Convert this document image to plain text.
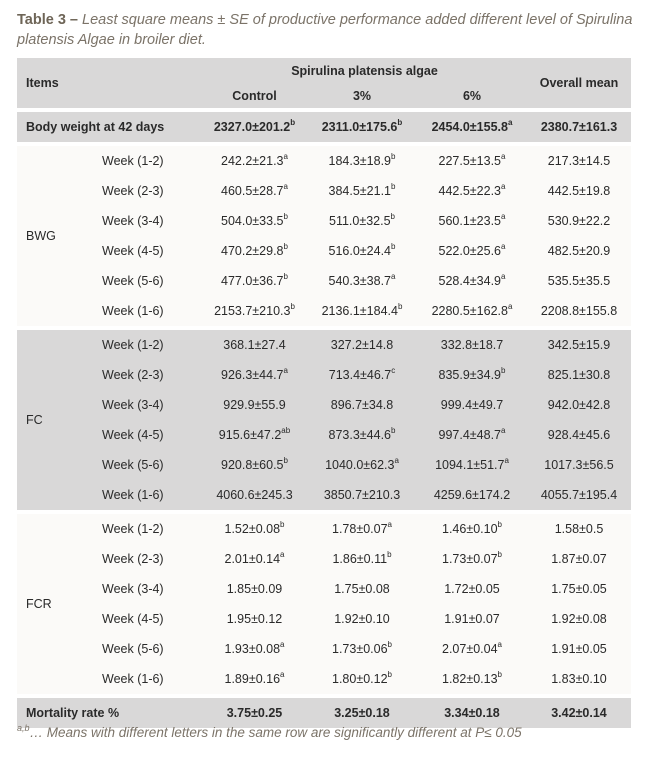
Table 3 – Least square means ± SE of productive performance added different level of Spirulina platensis Algae in broiler diet.
Items		Spirulina platensis algae			Overall mean
		Control	3%	6%	
Body weight at 42 days		2327.0±201.2$^b$	2311.0±175.6$^b$	2454.0±155.8$^a$	2380.7±161.3
BWG	Week (1-2)	242.2±21.3$^a$	184.3±18.9$^b$	227.5±13.5$^a$	217.3±14.5
	Week (2-3)	460.5±28.7$^a$	384.5±21.1$^b$	442.5±22.3$^a$	442.5±19.8
	Week (3-4)	504.0±33.5$^b$	511.0±32.5$^b$	560.1±23.5$^a$	530.9±22.2
	Week (4-5)	470.2±29.8$^b$	516.0±24.4$^b$	522.0±25.6$^a$	482.5±20.9
	Week (5-6)	477.0±36.7$^b$	540.3±38.7$^a$	528.4±34.9$^a$	535.5±35.5
	Week (1-6)	2153.7±210.3$^b$	2136.1±184.4$^b$	2280.5±162.8$^a$	2208.8±155.8
FC	Week (1-2)	368.1±27.4	327.2±14.8	332.8±18.7	342.5±15.9
	Week (2-3)	926.3±44.7$^a$	713.4±46.7$^c$	835.9±34.9$^b$	825.1±30.8
	Week (3-4)	929.9±55.9	896.7±34.8	999.4±49.7	942.0±42.8
	Week (4-5)	915.6±47.2$^{ab}$	873.3±44.6$^b$	997.4±48.7$^a$	928.4±45.6
	Week (5-6)	920.8±60.5$^b$	1040.0±62.3$^a$	1094.1±51.7$^a$	1017.3±56.5
	Week (1-6)	4060.6±245.3	3850.7±210.3	4259.6±174.2	4055.7±195.4
FCR	Week (1-2)	1.52±0.08$^b$	1.78±0.07$^a$	1.46±0.10$^b$	1.58±0.5
	Week (2-3)	2.01±0.14$^a$	1.86±0.11$^b$	1.73±0.07$^b$	1.87±0.07
	Week (3-4)	1.85±0.09	1.75±0.08	1.72±0.05	1.75±0.05
	Week (4-5)	1.95±0.12	1.92±0.10	1.91±0.07	1.92±0.08
	Week (5-6)	1.93±0.08$^a$	1.73±0.06$^b$	2.07±0.04$^a$	1.91±0.05
	Week (1-6)	1.89±0.16$^a$	1.80±0.12$^b$	1.82±0.13$^b$	1.83±0.10
Mortality rate %		3.75±0.25	3.25±0.18	3.34±0.18	3.42±0.14
$^{a,b}$… Means with different letters in the same row are significantly different at P≤ 0.05
